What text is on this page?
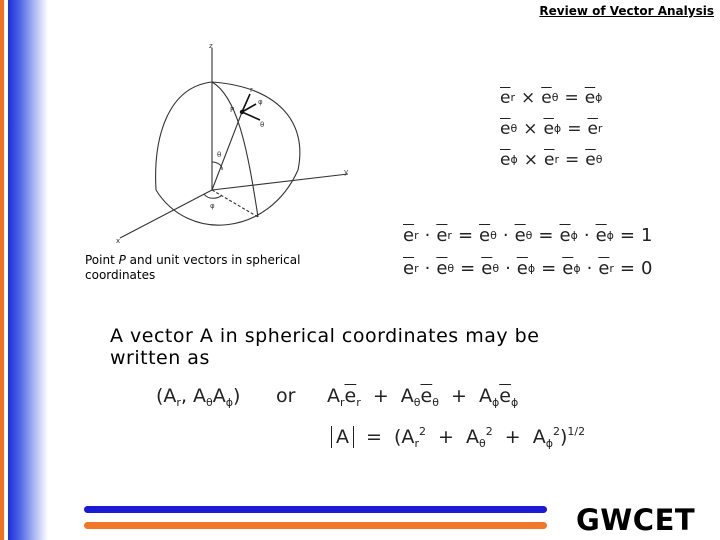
Review of Vector Analysis
z
y
x
P
θ
φ
r
θ
φ
Point P and unit vectors in spherical coordinates
$\overline{e}$ $r \times \overline{e}$ $\theta = \overline{e}$ ϕ
$\overline{e}$ $\theta \times \overline{e}$ $\phi = \overline{e}$ r
$\overline{e}$ $\phi \times \overline{e}$ $r = \overline{e}$ θ
$\overline{e}$ $r \cdot \overline{e}$ $r = \overline{e}$ $\theta \cdot \overline{e}$ $\theta = \overline{e}$ $\phi \cdot \overline{e}$ ϕ = 1
$\overline{e}$ $r \cdot \overline{e}$ $\theta = \overline{e}$ $\theta \cdot \overline{e}$ $\phi = \overline{e}$ $\phi \cdot \overline{e}$ r = 0
A vector A in spherical coordinates may be
written as
($A_r$, $A_\theta A_\phi$) or $A_r\overline{e}_r + A_\theta\overline{e}_\theta + A_\phi\overline{e}_\phi$
$A = (A_r^2 + A_\theta^2 + A_\phi^2)^{1/2}$
GWCET
